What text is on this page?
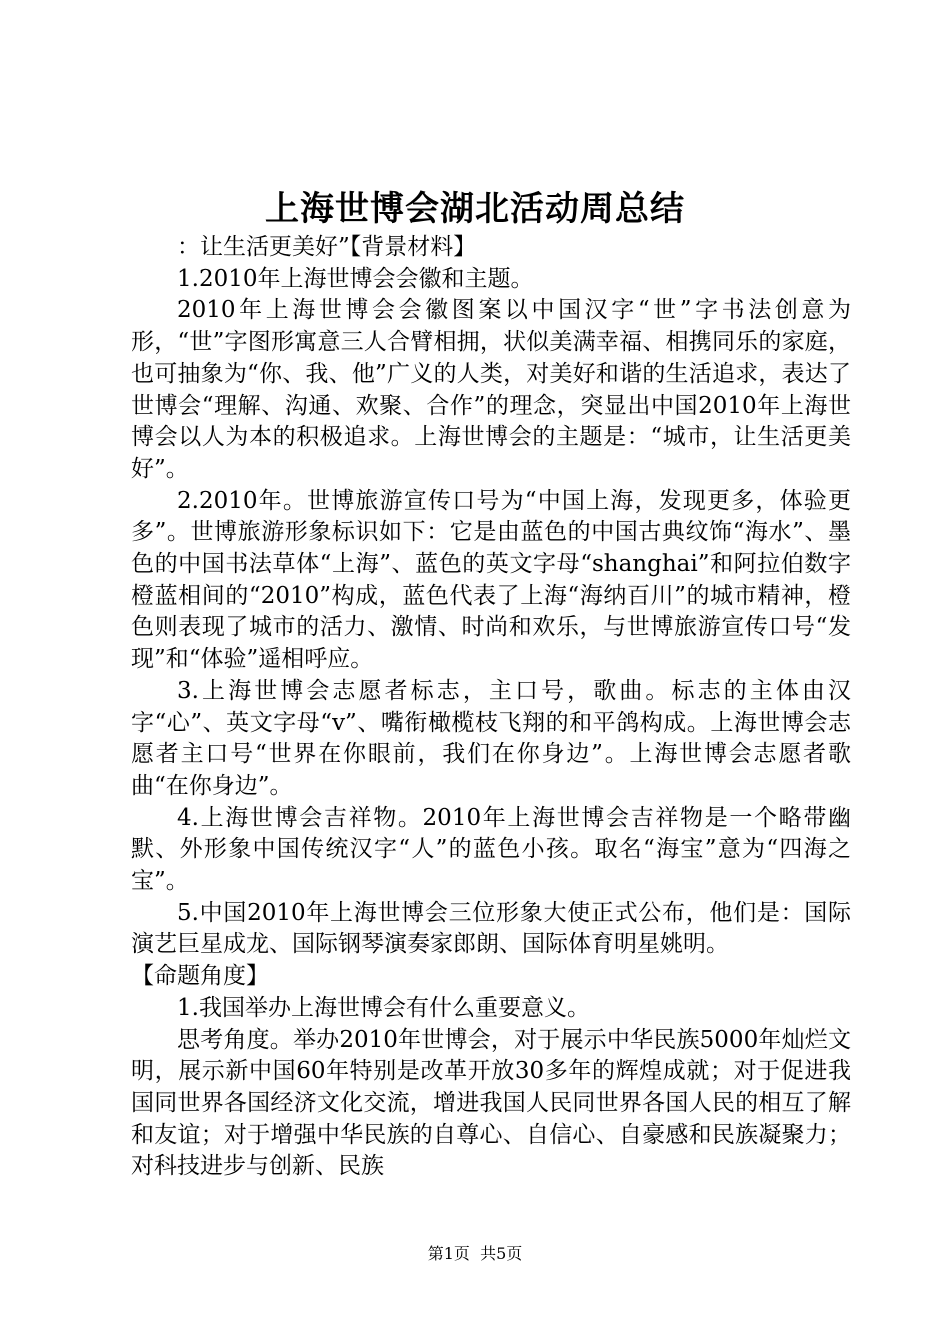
上海世博会湖北活动周总结

：让生活更美好”【背景材料】

1.2010年上海世博会会徽和主题。

2010年上海世博会会徽图案以中国汉字“世”字书法创意为形，“世”字图形寓意三人合臂相拥，状似美满幸福、相携同乐的家庭，也可抽象为“你、我、他”广义的人类，对美好和谐的生活追求，表达了世博会“理解、沟通、欢聚、合作”的理念，突显出中国2010年上海世博会以人为本的积极追求。上海世博会的主题是：“城市，让生活更美好”。

2.2010年。世博旅游宣传口号为“中国上海，发现更多，体验更多”。世博旅游形象标识如下：它是由蓝色的中国古典纹饰“海水”、墨色的中国书法草体“上海”、蓝色的英文字母“shanghai”和阿拉伯数字橙蓝相间的“2010”构成，蓝色代表了上海“海纳百川”的城市精神，橙色则表现了城市的活力、激情、时尚和欢乐，与世博旅游宣传口号“发现”和“体验”遥相呼应。

3.上海世博会志愿者标志，主口号，歌曲。标志的主体由汉字“心”、英文字母“v”、嘴衔橄榄枝飞翔的和平鸽构成。上海世博会志愿者主口号“世界在你眼前，我们在你身边”。上海世博会志愿者歌曲“在你身边”。

4.上海世博会吉祥物。2010年上海世博会吉祥物是一个略带幽默、外形象中国传统汉字“人”的蓝色小孩。取名“海宝”意为“四海之宝”。

5.中国2010年上海世博会三位形象大使正式公布，他们是：国际演艺巨星成龙、国际钢琴演奏家郎朗、国际体育明星姚明。

【命题角度】

1.我国举办上海世博会有什么重要意义。

思考角度。举办2010年世博会，对于展示中华民族5000年灿烂文明，展示新中国60年特别是改革开放30多年的辉煌成就；对于促进我国同世界各国经济文化交流，增进我国人民同世界各国人民的相互了解和友谊；对于增强中华民族的自尊心、自信心、自豪感和民族凝聚力；对科技进步与创新、民族

第1页  共5页
